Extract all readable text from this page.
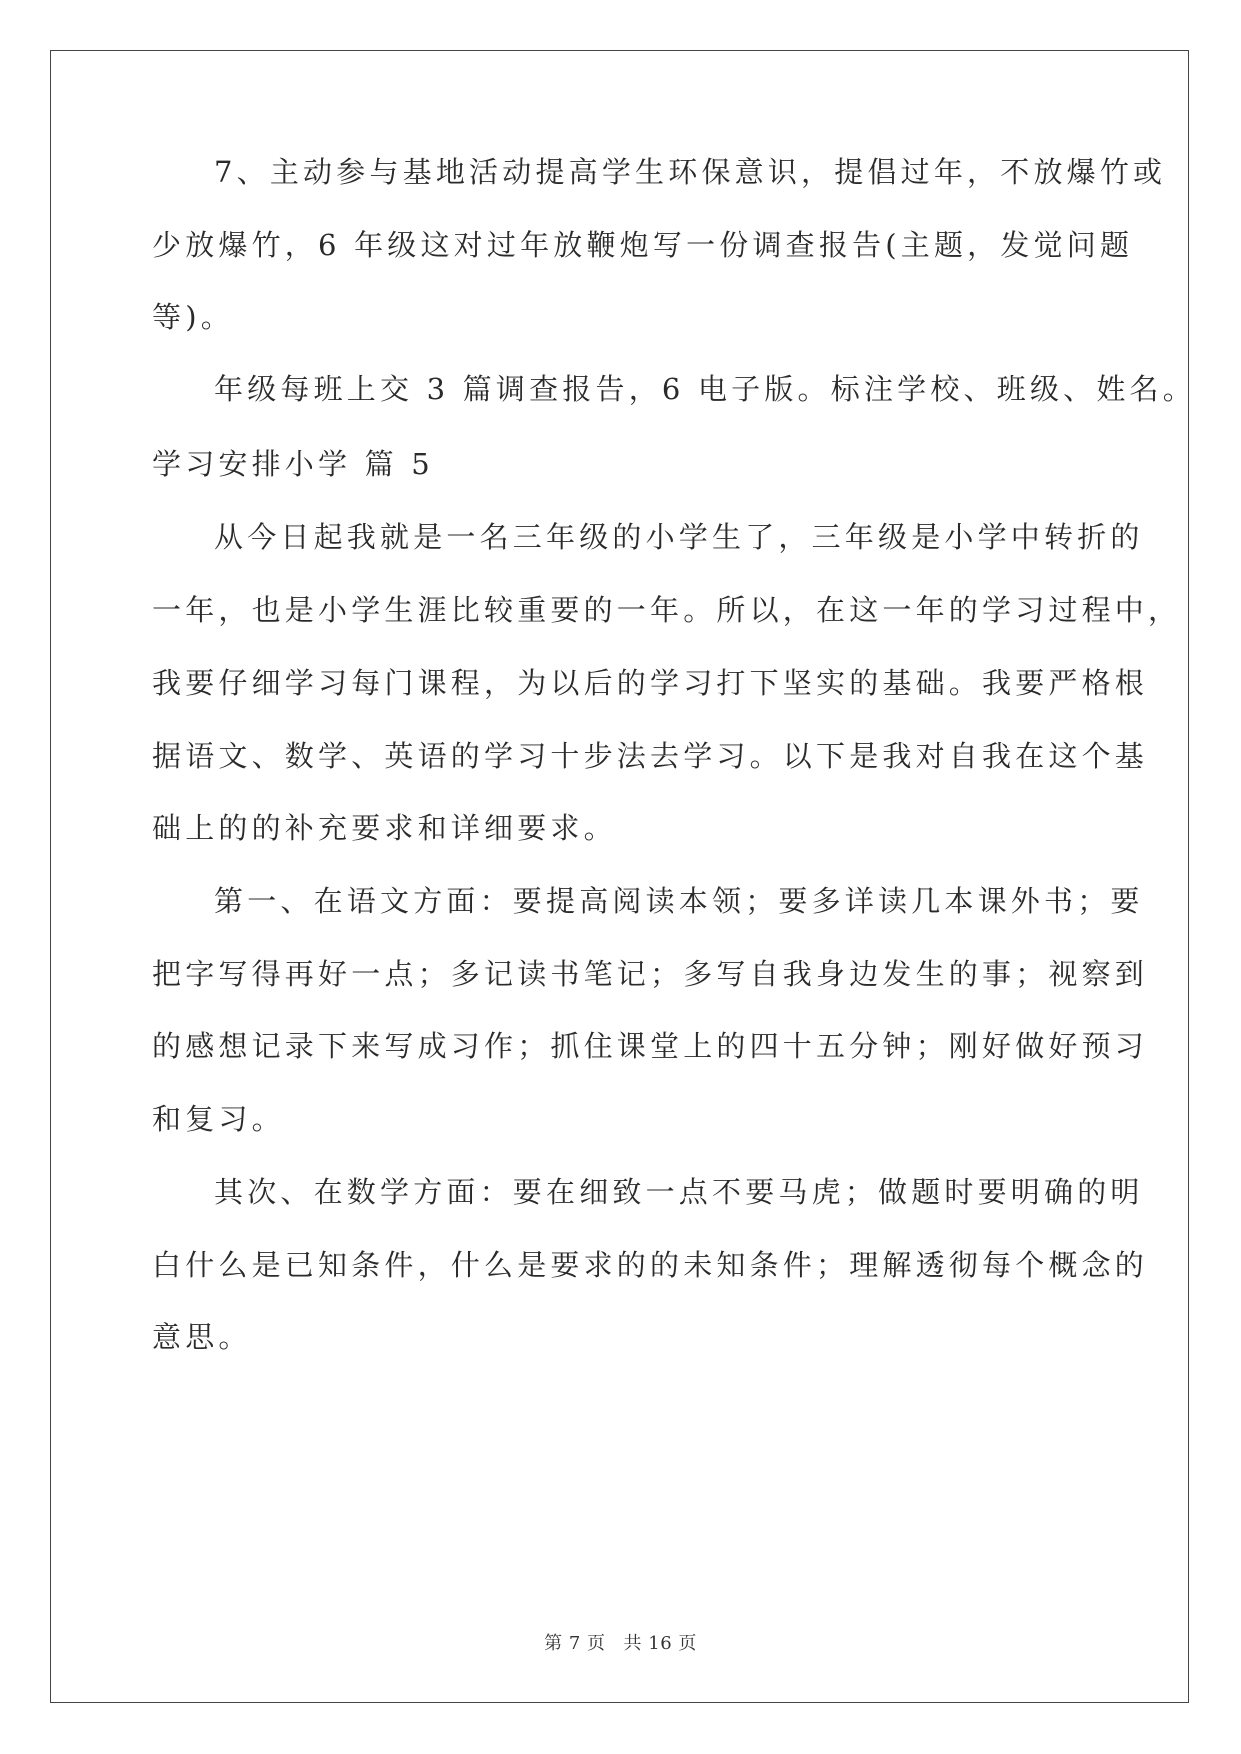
7、主动参与基地活动提高学生环保意识，提倡过年，不放爆竹或
少放爆竹，6 年级这对过年放鞭炮写一份调查报告(主题，发觉问题
等)。
年级每班上交 3 篇调查报告，6 电子版。标注学校、班级、姓名。
学习安排小学 篇 5
从今日起我就是一名三年级的小学生了，三年级是小学中转折的
一年，也是小学生涯比较重要的一年。所以，在这一年的学习过程中，
我要仔细学习每门课程，为以后的学习打下坚实的基础。我要严格根
据语文、数学、英语的学习十步法去学习。以下是我对自我在这个基
础上的的补充要求和详细要求。
第一、在语文方面：要提高阅读本领；要多详读几本课外书；要
把字写得再好一点；多记读书笔记；多写自我身边发生的事；视察到
的感想记录下来写成习作；抓住课堂上的四十五分钟；刚好做好预习
和复习。
其次、在数学方面：要在细致一点不要马虎；做题时要明确的明
白什么是已知条件，什么是要求的的未知条件；理解透彻每个概念的
意思。
第 7 页 共 16 页
